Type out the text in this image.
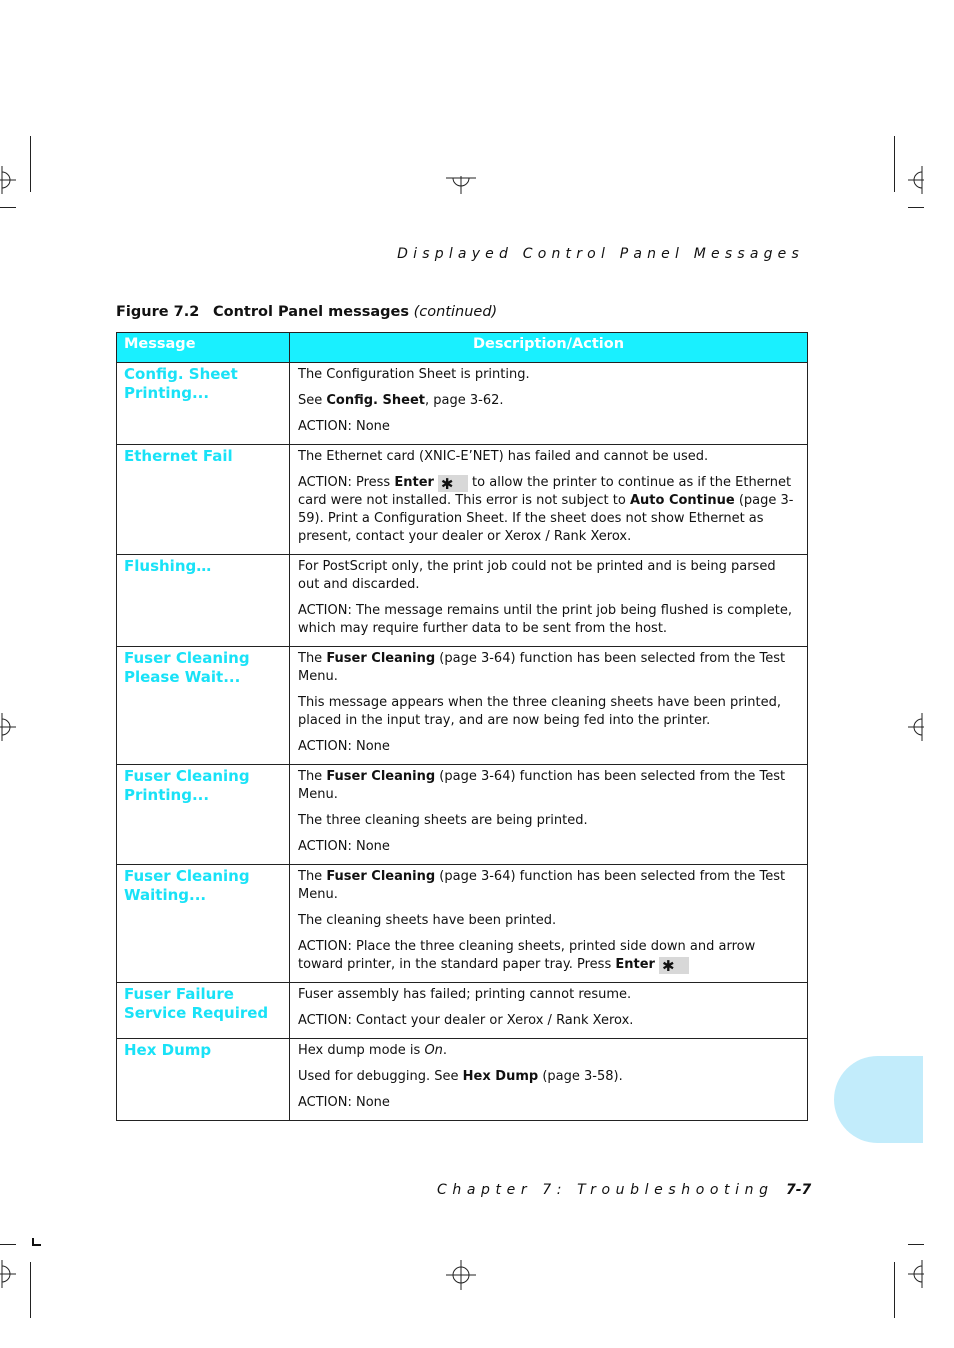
Displayed Control Panel Messages
Figure 7.2 Control Panel messages (continued)
Message	Description/Action
Config. Sheet Printing...	The Configuration Sheet is printing.

See Config. Sheet, page 3-62.

ACTION: None

Ethernet Fail	The Ethernet card (XNIC-E’NET) has failed and cannot be used.

ACTION: Press Enter ✱ to allow the printer to continue as if the Ethernet card were not installed. This error is not subject to Auto Continue (page 3-59). Print a Configuration Sheet. If the sheet does not show Ethernet as present, contact your dealer or Xerox / Rank Xerox.

Flushing…	For PostScript only, the print job could not be printed and is being parsed out and discarded.

ACTION: The message remains until the print job being flushed is complete, which may require further data to be sent from the host.

Fuser Cleaning Please Wait...	The Fuser Cleaning (page 3-64) function has been selected from the Test Menu.

This message appears when the three cleaning sheets have been printed, placed in the input tray, and are now being fed into the printer.

ACTION: None

Fuser Cleaning Printing...	The Fuser Cleaning (page 3-64) function has been selected from the Test Menu.

The three cleaning sheets are being printed.

ACTION: None

Fuser Cleaning Waiting...	The Fuser Cleaning (page 3-64) function has been selected from the Test Menu.

The cleaning sheets have been printed.

ACTION: Place the three cleaning sheets, printed side down and arrow toward printer, in the standard paper tray. Press Enter ✱

Fuser Failure Service Required	Fuser assembly has failed; printing cannot resume.

ACTION: Contact your dealer or Xerox / Rank Xerox.

Hex Dump	Hex dump mode is On.

Used for debugging. See Hex Dump (page 3-58).

ACTION: None

Chapter 7: Troubleshooting 7-7
